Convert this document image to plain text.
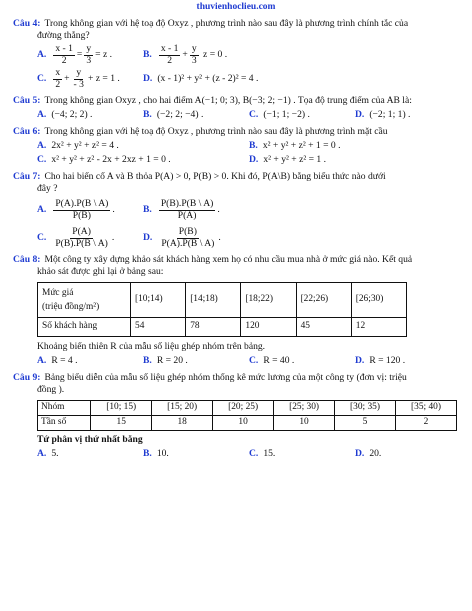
thuvienhoclieu.com
Câu 4: Trong không gian với hệ toạ độ Oxyz , phương trình nào sau đây là phương trình chính tắc của
đường thẳng?
A. $\frac{x - 1}{2} = \frac{y}{3} = z$ .	B. $\frac{x - 1}{2} + \frac{y}{3}$
z = 0 .
C. $\frac{x}{2} + \frac{y}{- 3} + z = 1$ . D. (x - 1)² + y² + (z - 2)² = 4 .
Câu 5: Trong không gian Oxyz , cho hai điểm A(−1; 0; 3), B(−3; 2; −1) . Tọa độ trung điểm của AB là:
A. (−4; 2; 2) .	B. (−2; 2; −4) .	C. (−1; 1; −2) .	D. (−2; 1; 1) .
Câu 6: Trong không gian với hệ toạ độ Oxyz , phương trình nào sau đây là phương trình mặt cầu
A. 2x² + y² + z² = 4 .	B. x² + y² + z² + 1 = 0 .
C. x² + y² + z² - 2x + 2xz + 1 = 0 .	D. x² + y² + z² = 1 .
Câu 7: Cho hai biến cố A và B thỏa P(A) > 0, P(B) > 0. Khi đó, P(A\B) bằng biểu thức nào dưới
đây ?
A. $\frac{P(A).P(B \backslash A)}{P(B)}$ .	B. $\frac{P(B).P(B \backslash A)}{P(A)}$ .
C. $\frac{P(A)}{P(B).P(B \backslash A)}$ .	D. $\frac{P(B)}{P(A).P(B \backslash A)}$ .
Câu 8: Một công ty xây dựng khảo sát khách hàng xem họ có nhu cầu mua nhà ở mức giá nào. Kết quả
khảo sát được ghi lại ở bảng sau:
Mức giá
(triệu đồng/m²)	[10;14)	[14;18)	[18;22)	[22;26)	[26;30)
Số khách hàng	54	78	120	45	12
Khoảng biến thiên R của mẫu số liệu ghép nhóm trên bảng.
A. R = 4 .	B. R = 20 .	C. R = 40 .	D. R = 120 .
Câu 9: Bảng biểu diễn của mẫu số liệu ghép nhóm thống kê mức lương của một công ty (đơn vị: triệu
đồng ).
Nhóm	[10; 15)	[15; 20)	[20; 25)	[25; 30)	[30; 35)	[35; 40)
Tần số	15	18	10	10	5	2
Tứ phân vị thứ nhất bằng
A. 5.	B. 10.	C. 15.	D. 20.
